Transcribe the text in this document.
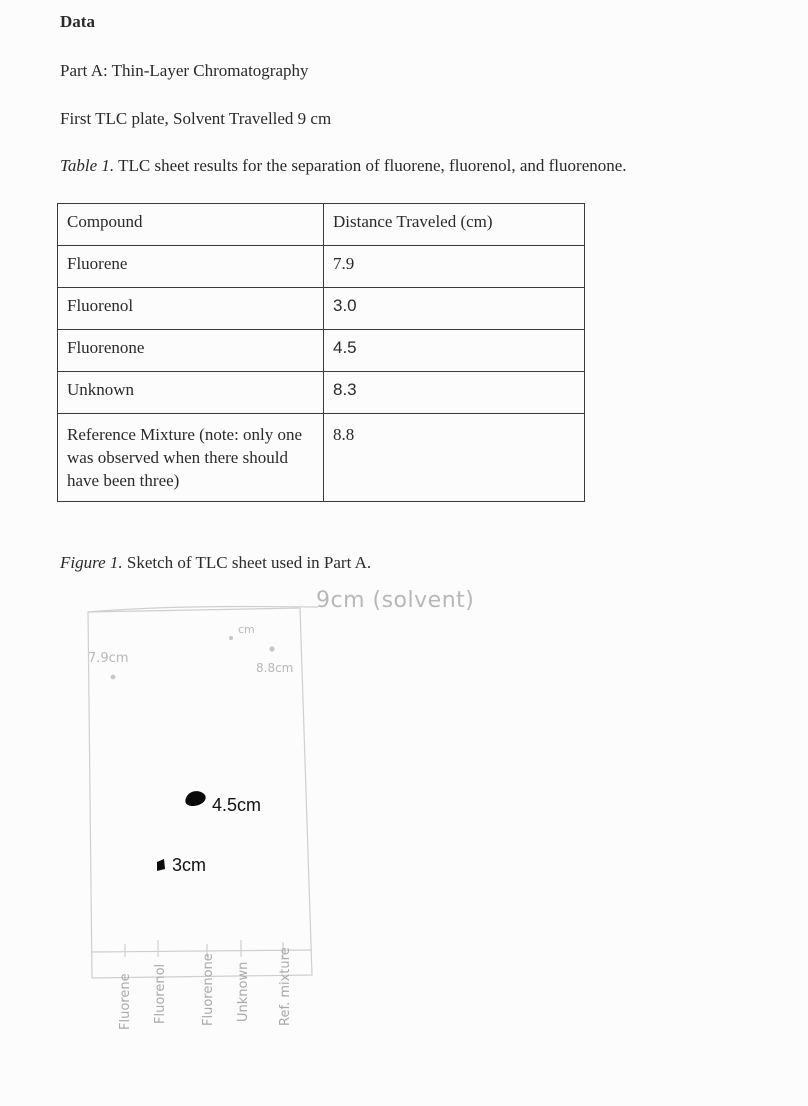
Data

Part A: Thin-Layer Chromatography

First TLC plate, Solvent Travelled 9 cm

Table 1. TLC sheet results for the separation of fluorene, fluorenol, and fluorenone.

Compound	Distance Traveled (cm)
Fluorene	7.9
Fluorenol	3.0
Fluorenone	4.5
Unknown	8.3
Reference Mixture (note: only one was observed when there should have been three)	8.8

Figure 1. Sketch of TLC sheet used in Part A.

9cm (solvent)
7.9cm
cm
8.8cm
4.5cm
3cm
Fluorene Fluorenol	Fluorenone Unknown Ref. mixture
